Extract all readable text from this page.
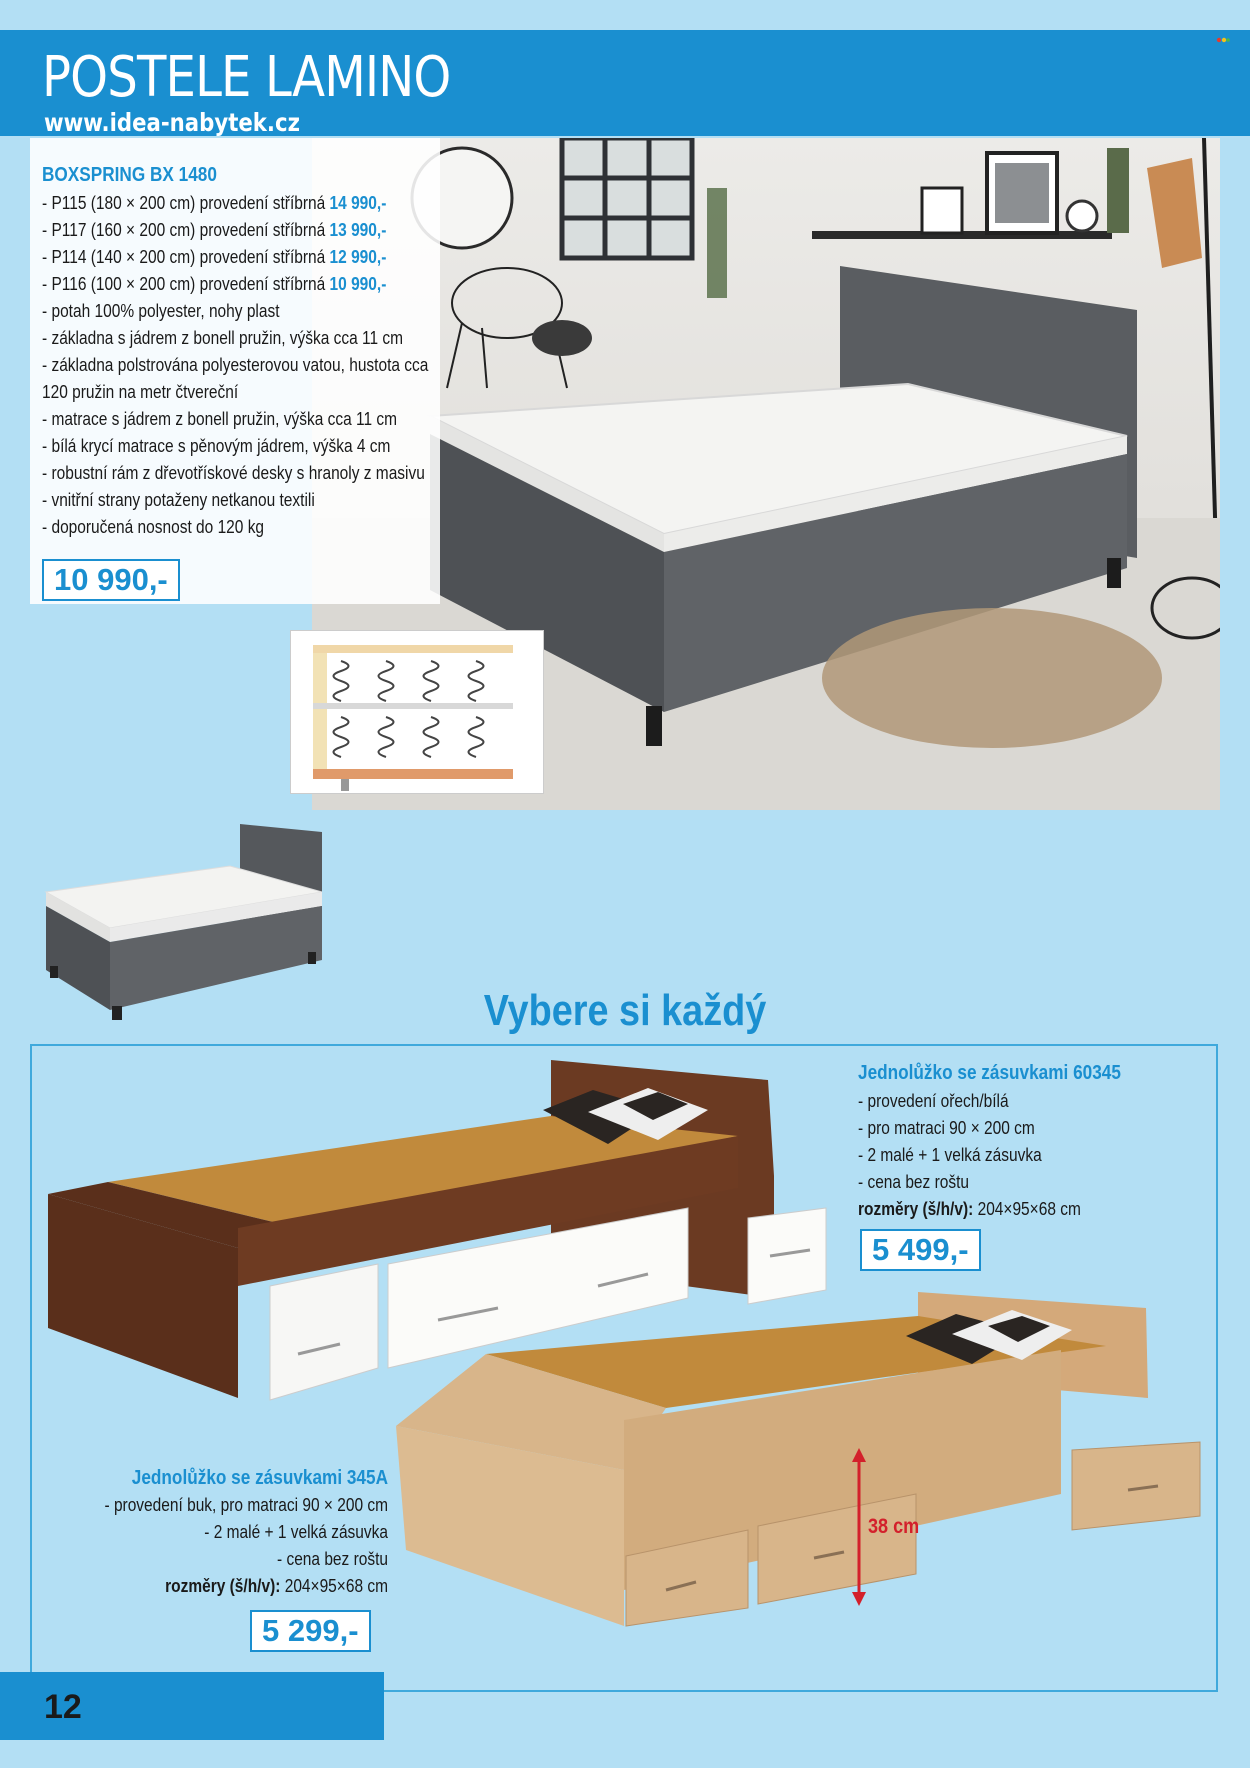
POSTELE LAMINO
www.idea-nabytek.cz
BOXSPRING BX 1480
- P115 (180 × 200 cm) provedení stříbrná 14 990,-
- P117 (160 × 200 cm) provedení stříbrná 13 990,-
- P114 (140 × 200 cm) provedení stříbrná 12 990,-
- P116 (100 × 200 cm) provedení stříbrná 10 990,-
- potah 100% polyester, nohy plast
- základna s jádrem z bonell pružin, výška cca 11 cm
- základna polstrována polyesterovou vatou, hustota cca
120 pružin na metr čtvereční
- matrace s jádrem z bonell pružin, výška cca 11 cm
- bílá krycí matrace s pěnovým jádrem, výška 4 cm
- robustní rám z dřevotřískové desky s hranoly z masivu
- vnitřní strany potaženy netkanou textili
- doporučená nosnost do 120 kg
10 990,-
Vybere si každý
Jednolůžko se zásuvkami 60345
- provedení ořech/bílá
- pro matraci 90 × 200 cm
- 2 malé + 1 velká zásuvka
- cena bez roštu
rozměry (š/h/v): 204×95×68 cm
5 499,-
38 cm
Jednolůžko se zásuvkami 345A
- provedení buk, pro matraci 90 × 200 cm
- 2 malé + 1 velká zásuvka
- cena bez roštu
rozměry (š/h/v): 204×95×68 cm
5 299,-
12
